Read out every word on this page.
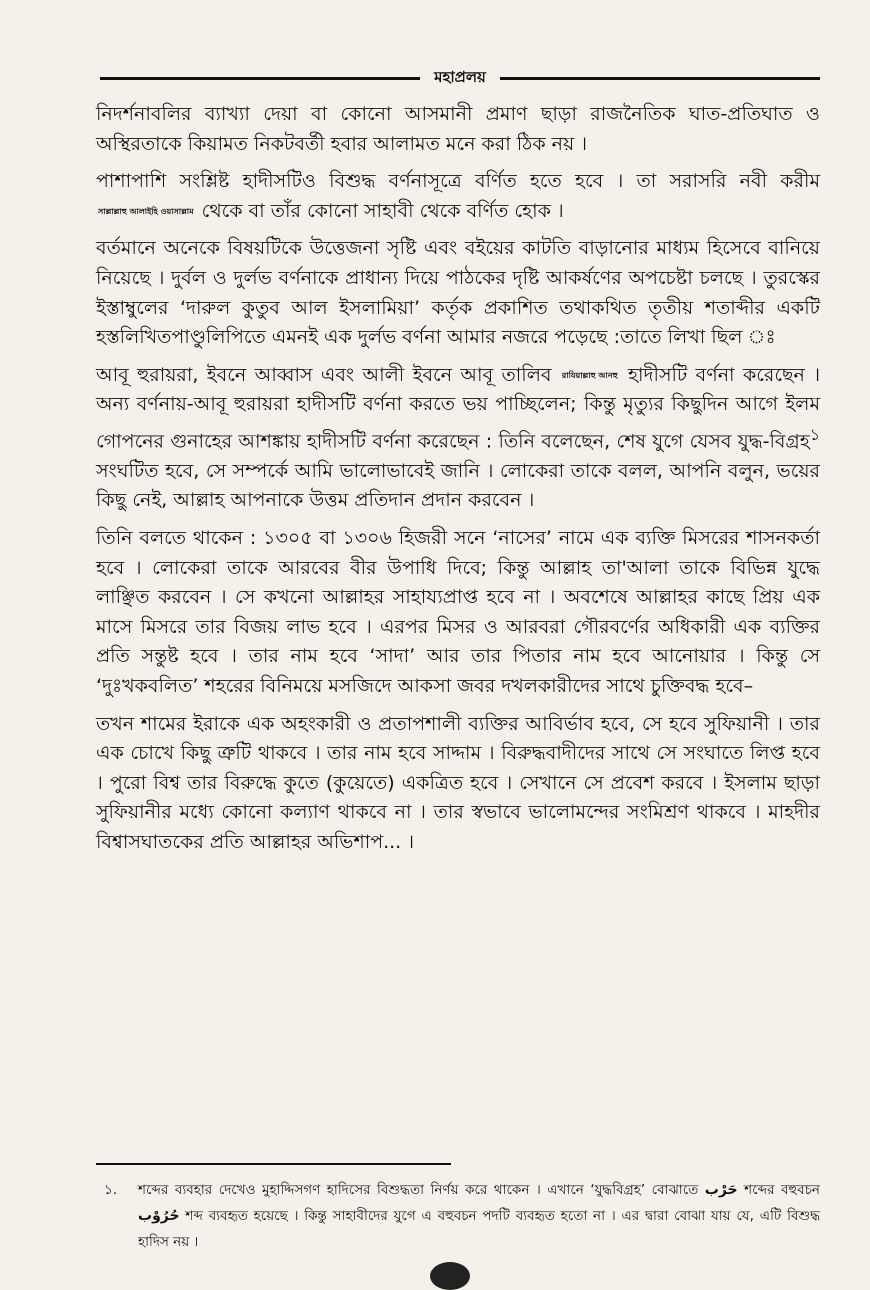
মহাপ্রলয়

নিদর্শনাবলির ব্যাখ্যা দেয়া বা কোনো আসমানী প্রমাণ ছাড়া রাজনৈতিক ঘাত-প্রতিঘাত ও অস্থিরতাকে কিয়ামত নিকটবর্তী হবার আলামত মনে করা ঠিক নয় ।

পাশাপাশি সংশ্লিষ্ট হাদীসটিও বিশুদ্ধ বর্ণনাসূত্রে বর্ণিত হতে হবে । তা সরাসরি নবী করীম সাল্লাল্লাহু আলাইহি ওয়াসাল্লাম থেকে বা তাঁর কোনো সাহাবী থেকে বর্ণিত হোক ।

বর্তমানে অনেকে বিষয়টিকে উত্তেজনা সৃষ্টি এবং বইয়ের কাটতি বাড়ানোর মাধ্যম হিসেবে বানিয়ে নিয়েছে । দুর্বল ও দুর্লভ বর্ণনাকে প্রাধান্য দিয়ে পাঠকের দৃষ্টি আকর্ষণের অপচেষ্টা চলছে । তুরস্কের ইস্তাম্বুলের ‘দারুল কুতুব আল ইসলামিয়া’ কর্তৃক প্রকাশিত তথাকথিত তৃতীয় শতাব্দীর একটি হস্তলিখিতপাণ্ডুলিপিতে এমনই এক দুর্লভ বর্ণনা আমার নজরে পড়েছে :তাতে লিখা ছিল ঃ

আবূ হুরায়রা, ইবনে আব্বাস এবং আলী ইবনে আবূ তালিব রাযিয়াল্লাহু আনহু হাদীসটি বর্ণনা করেছেন । অন্য বর্ণনায়-আবূ হুরায়রা হাদীসটি বর্ণনা করতে ভয় পাচ্ছিলেন; কিন্তু মৃত্যুর কিছুদিন আগে ইলম গোপনের গুনাহের আশঙ্কায় হাদীসটি বর্ণনা করেছেন : তিনি বলেছেন, শেষ যুগে যেসব যুদ্ধ-বিগ্রহ$^১$ সংঘটিত হবে, সে সম্পর্কে আমি ভালোভাবেই জানি । লোকেরা তাকে বলল, আপনি বলুন, ভয়ের কিছু নেই, আল্লাহ আপনাকে উত্তম প্রতিদান প্রদান করবেন ।

তিনি বলতে থাকেন : ১৩০৫ বা ১৩০৬ হিজরী সনে ‘নাসের’ নামে এক ব্যক্তি মিসরের শাসনকর্তা হবে । লোকেরা তাকে আরবের বীর উপাধি দিবে; কিন্তু আল্লাহ তা'আলা তাকে বিভিন্ন যুদ্ধে লাঞ্ছিত করবেন । সে কখনো আল্লাহর সাহায্যপ্রাপ্ত হবে না । অবশেষে আল্লাহর কাছে প্রিয় এক মাসে মিসরে তার বিজয় লাভ হবে । এরপর মিসর ও আরবরা গৌরবর্ণের অধিকারী এক ব্যক্তির প্রতি সন্তুষ্ট হবে । তার নাম হবে ‘সাদা’ আর তার পিতার নাম হবে আনোয়ার । কিন্তু সে ‘দুঃখকবলিত’ শহরের বিনিময়ে মসজিদে আকসা জবর দখলকারীদের সাথে চুক্তিবদ্ধ হবে–

তখন শামের ইরাকে এক অহংকারী ও প্রতাপশালী ব্যক্তির আবির্ভাব হবে, সে হবে সুফিয়ানী । তার এক চোখে কিছু ত্রুটি থাকবে । তার নাম হবে সাদ্দাম । বিরুদ্ধবাদীদের সাথে সে সংঘাতে লিপ্ত হবে । পুরো বিশ্ব তার বিরুদ্ধে কুতে (কুয়েতে) একত্রিত হবে । সেখানে সে প্রবেশ করবে । ইসলাম ছাড়া সুফিয়ানীর মধ্যে কোনো কল্যাণ থাকবে না । তার স্বভাবে ভালোমন্দের সংমিশ্রণ থাকবে । মাহদীর বিশ্বাসঘাতকের প্রতি আল্লাহর অভিশাপ... ।

১.	শব্দের ব্যবহার দেখেও মুহাদ্দিসগণ হাদিসের বিশুদ্ধতা নির্ণয় করে থাকেন । এখানে ‘যুদ্ধবিগ্রহ’ বোঝাতে حَرْب শব্দের বহুবচন حُرُوْب শব্দ ব্যবহৃত হয়েছে । কিন্তু সাহাবীদের যুগে এ বহুবচন পদটি ব্যবহৃত হতো না । এর দ্বারা বোঝা যায় যে, এটি বিশুদ্ধ হাদিস নয় ।
